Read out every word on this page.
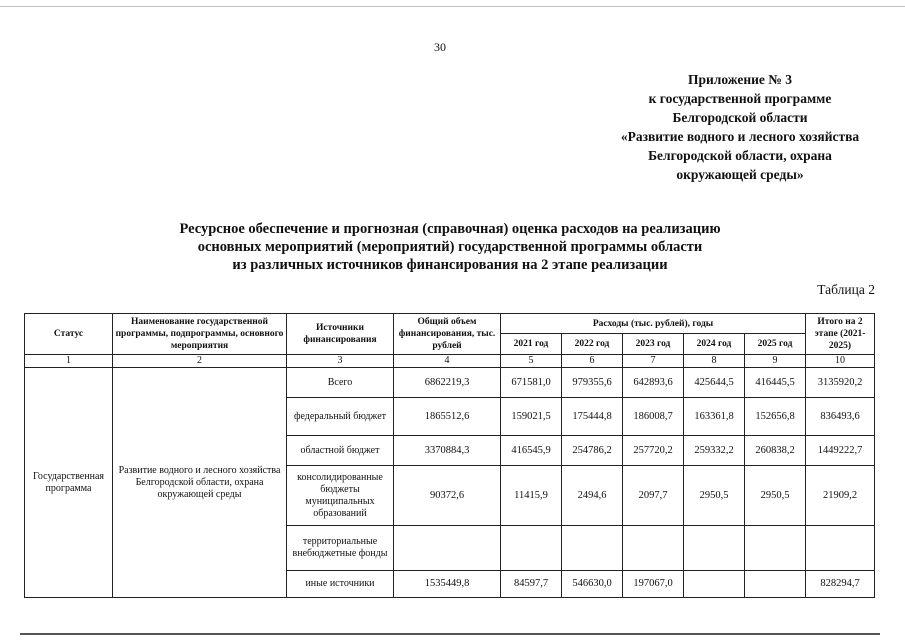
30
Приложение № 3
к государственной программе
Белгородской области
«Развитие водного и лесного хозяйства
Белгородской области, охрана
окружающей среды»
Ресурсное обеспечение и прогнозная (справочная) оценка расходов на реализацию
основных мероприятий (мероприятий) государственной программы области
из различных источников финансирования на 2 этапе реализации
Таблица 2
Статус	Наименование государственной программы, подпрограммы, основного мероприятия	Источники финансирования	Общий объем финансирования, тыс. рублей	Расходы (тыс. рублей), годы					Итого на 2 этапе (2021-2025)
				2021 год	2022 год	2023 год	2024 год	2025 год	
1	2	3	4	5	6	7	8	9	10
Государственная программа	Развитие водного и лесного хозяйства Белгородской области, охрана окружающей среды	Всего	6862219,3	671581,0	979355,6	642893,6	425644,5	416445,5	3135920,2
		федеральный бюджет	1865512,6	159021,5	175444,8	186008,7	163361,8	152656,8	836493,6
		областной бюджет	3370884,3	416545,9	254786,2	257720,2	259332,2	260838,2	1449222,7
		консолидированные бюджеты муниципальных образований	90372,6	11415,9	2494,6	2097,7	2950,5	2950,5	21909,2
		территориальные внебюджетные фонды							
		иные источники	1535449,8	84597,7	546630,0	197067,0			828294,7
